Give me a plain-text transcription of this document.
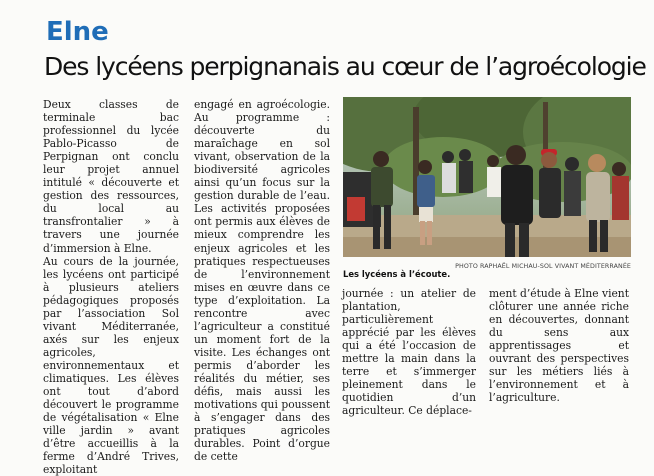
Elne
Des lycéens perpignanais au cœur de l’agroécologie

Deux classes de terminale bac professionnel du lycée Pablo-Picasso de Perpignan ont conclu leur projet annuel intitulé « découverte et gestion des ressources, du local au transfrontalier » à travers une journée d’immersion à Elne.

Au cours de la journée, les lycéens ont participé à plusieurs ateliers pédagogiques proposés par l’association Sol vivant Méditerranée, axés sur les enjeux agricoles, environnementaux et climatiques. Les élèves ont tout d’abord découvert le programme de végétalisation « Elne ville jardin » avant d’être accueillis à la ferme d’André Trives, exploitant

engagé en agroécologie. Au programme : découverte du maraîchage en sol vivant, observation de la biodiversité agricoles ainsi qu’un focus sur la gestion durable de l’eau. Les activités proposées ont permis aux élèves de mieux comprendre les enjeux agricoles et les pratiques respectueuses de l’environnement mises en œuvre dans ce type d’exploitation. La rencontre avec l’agriculteur a constitué un moment fort de la visite. Les échanges ont permis d’aborder les réalités du métier, ses défis, mais aussi les motivations qui poussent à s’engager dans des pratiques agricoles durables. Point d’orgue de cette

Les lycéens à l’écoute.
PHOTO RAPHAËL MICHAU-SOL VIVANT MÉDITERRANÉE

journée : un atelier de plantation, particulièrement apprécié par les élèves qui a été l’occasion de mettre la main dans la terre et s’immerger pleinement dans le quotidien d’un agriculteur. Ce déplace-

ment d’étude à Elne vient clôturer une année riche en découvertes, donnant du sens aux apprentissages et ouvrant des perspectives sur les métiers liés à l’environnement et à l’agriculture.
